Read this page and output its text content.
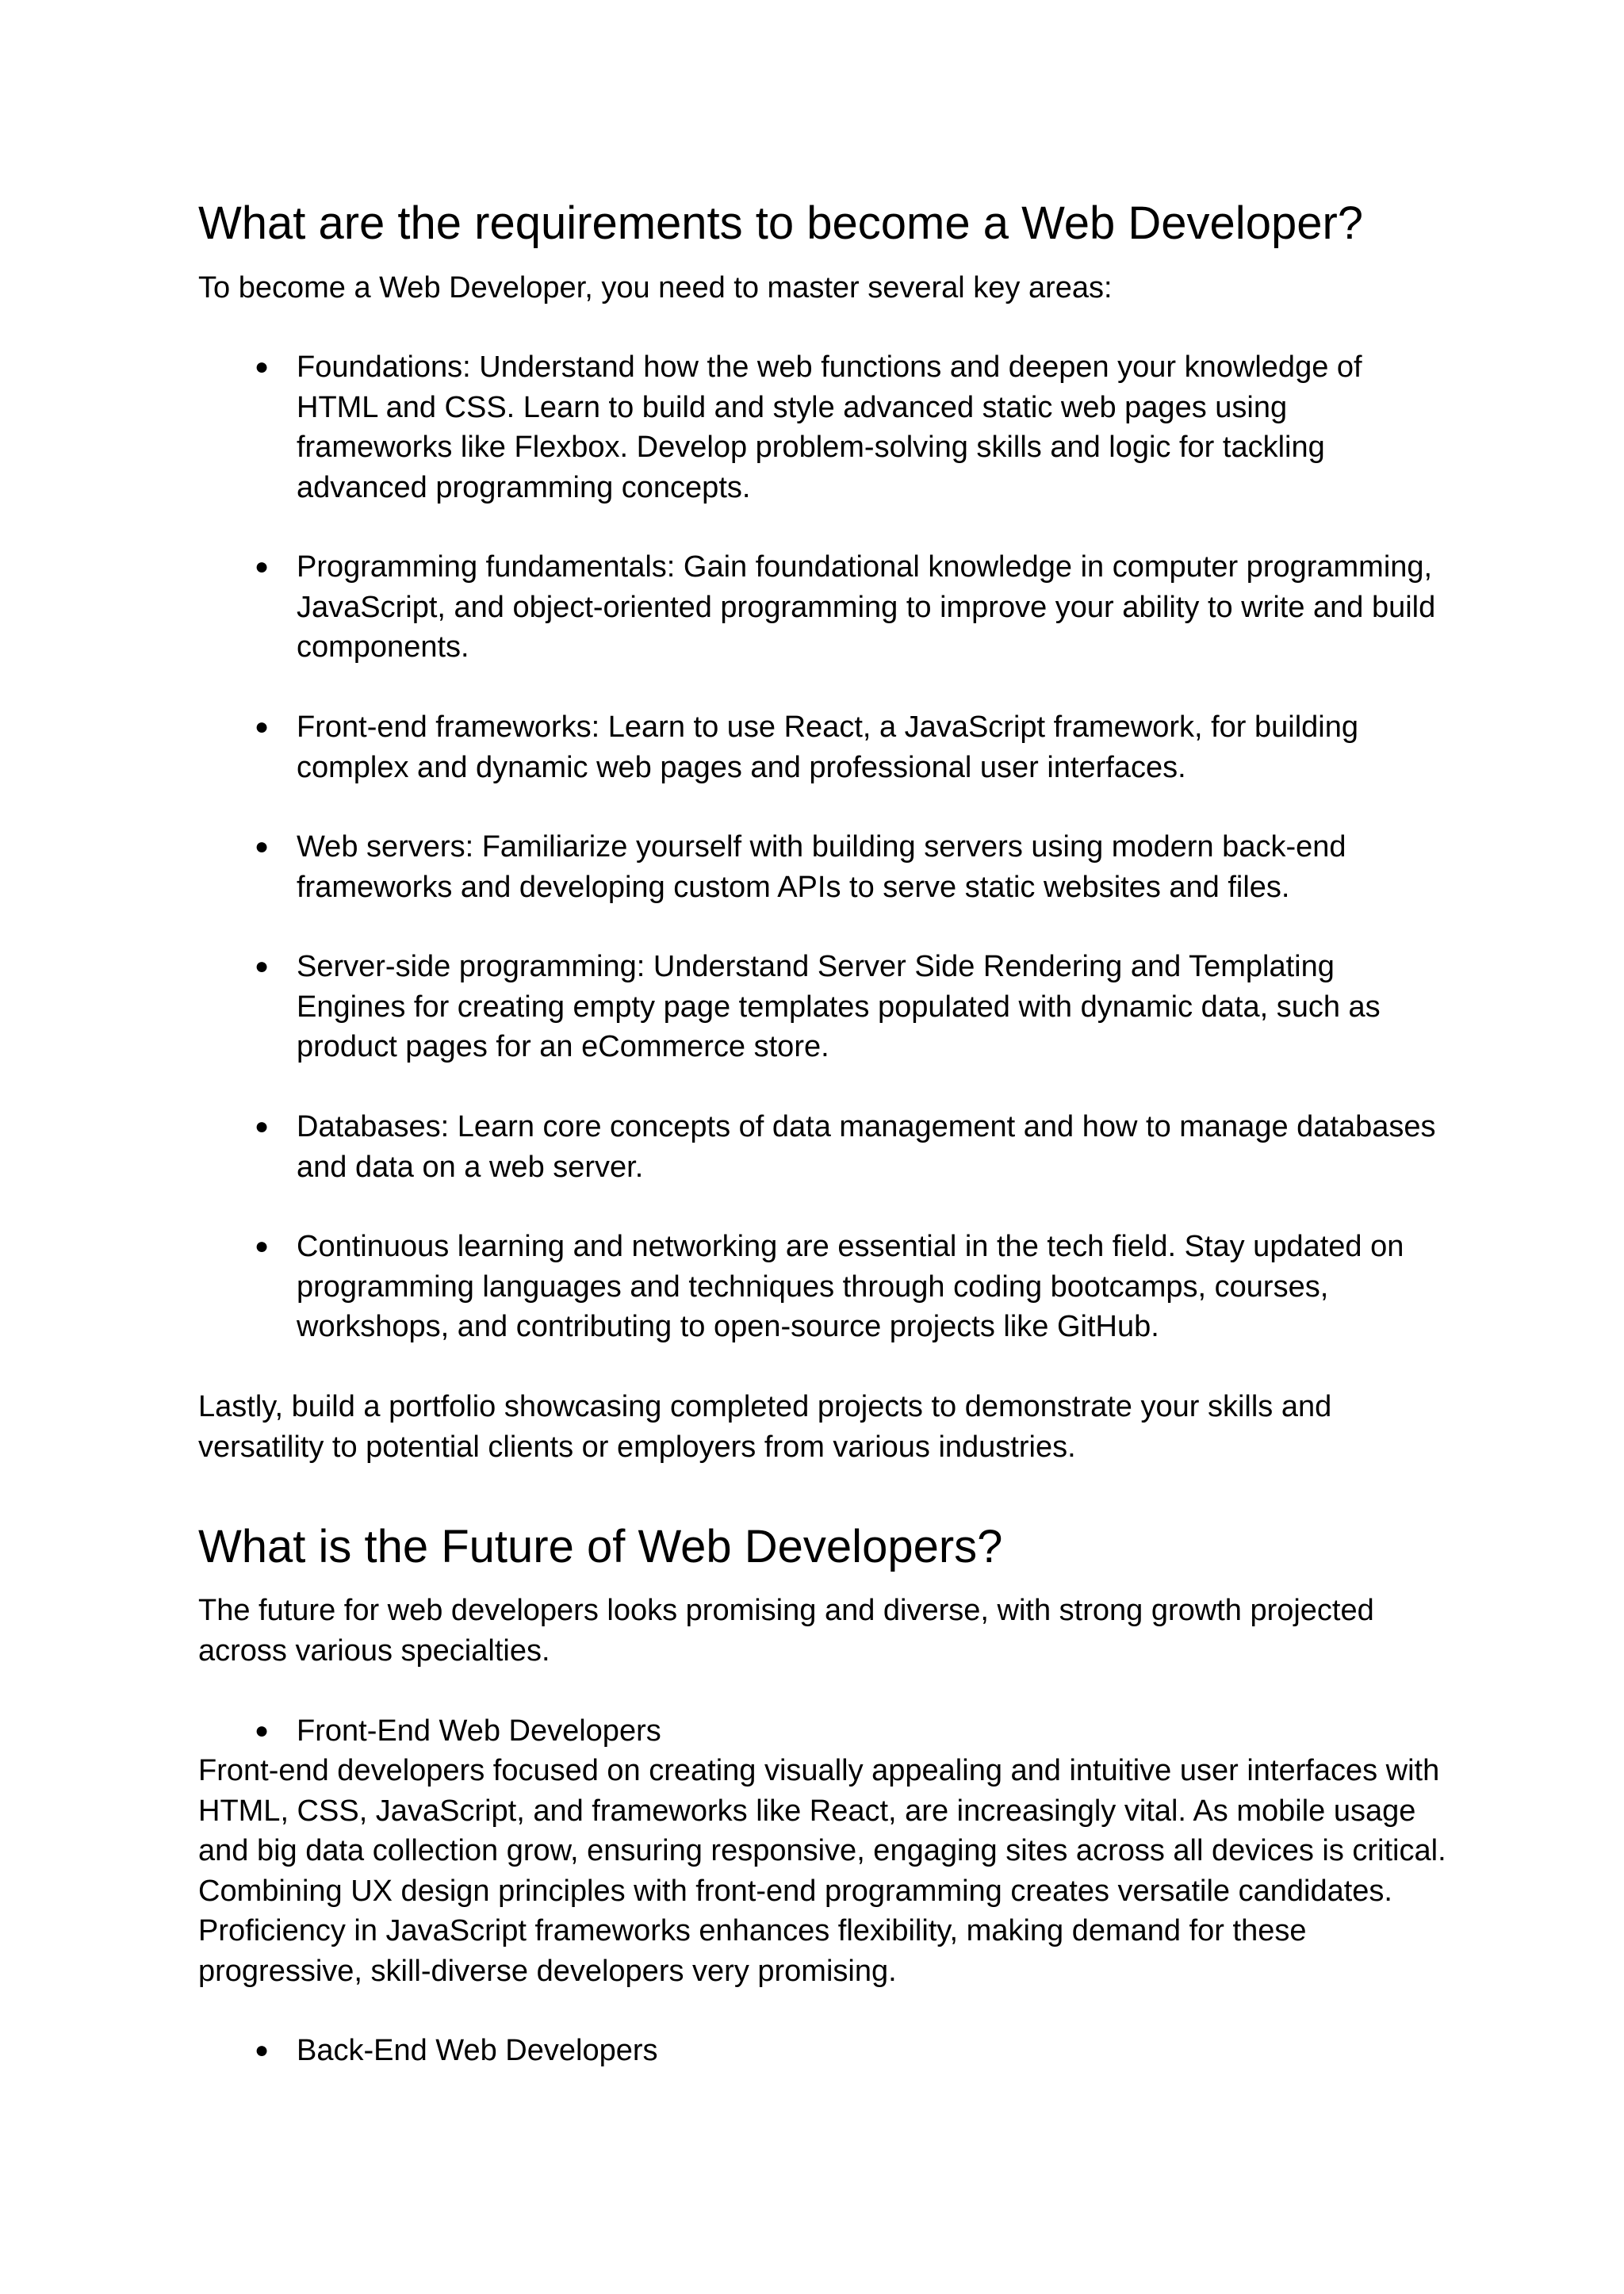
What are the requirements to become a Web Developer?

To become a Web Developer, you need to master several key areas:

● Foundations: Understand how the web functions and deepen your knowledge of HTML and CSS. Learn to build and style advanced static web pages using frameworks like Flexbox. Develop problem-solving skills and logic for tackling advanced programming concepts.
● Programming fundamentals: Gain foundational knowledge in computer programming, JavaScript, and object-oriented programming to improve your ability to write and build components.
● Front-end frameworks: Learn to use React, a JavaScript framework, for building complex and dynamic web pages and professional user interfaces.
● Web servers: Familiarize yourself with building servers using modern back-end frameworks and developing custom APIs to serve static websites and files.
● Server-side programming: Understand Server Side Rendering and Templating Engines for creating empty page templates populated with dynamic data, such as product pages for an eCommerce store.
● Databases: Learn core concepts of data management and how to manage databases and data on a web server.
● Continuous learning and networking are essential in the tech field. Stay updated on programming languages and techniques through coding bootcamps, courses, workshops, and contributing to open-source projects like GitHub.

Lastly, build a portfolio showcasing completed projects to demonstrate your skills and versatility to potential clients or employers from various industries.

What is the Future of Web Developers?

The future for web developers looks promising and diverse, with strong growth projected across various specialties.

● Front-End Web Developers

Front-end developers focused on creating visually appealing and intuitive user interfaces with HTML, CSS, JavaScript, and frameworks like React, are increasingly vital. As mobile usage and big data collection grow, ensuring responsive, engaging sites across all devices is critical. Combining UX design principles with front-end programming creates versatile candidates. Proficiency in JavaScript frameworks enhances flexibility, making demand for these progressive, skill-diverse developers very promising.

● Back-End Web Developers
